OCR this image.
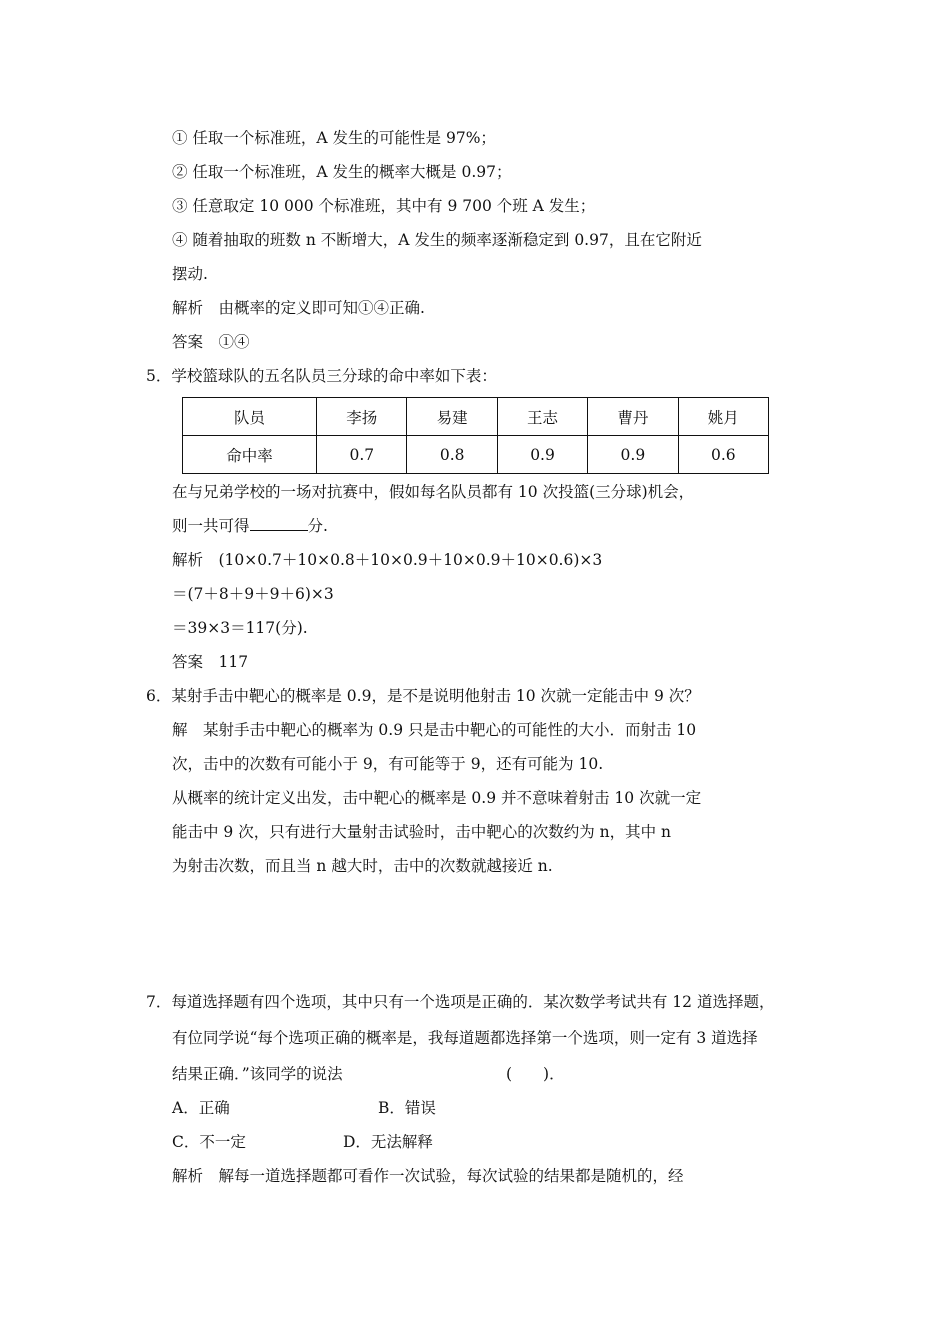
① 任取一个标准班，A 发生的可能性是 97%；
② 任取一个标准班，A 发生的概率大概是 0.97；
③ 任意取定 10 000 个标准班，其中有 9 700 个班 A 发生；
④ 随着抽取的班数 n 不断增大，A 发生的频率逐渐稳定到 0.97，且在它附近
摆动.
解析　由概率的定义即可知①④正确.
答案　①④
5．学校篮球队的五名队员三分球的命中率如下表：
队员	李扬	易建	王志	曹丹	姚月
命中率	0.7	0.8	0.9	0.9	0.6
在与兄弟学校的一场对抗赛中，假如每名队员都有 10 次投篮(三分球)机会，
则一共可得	分.
解析　(10×0.7＋10×0.8＋10×0.9＋10×0.9＋10×0.6)×3
＝(7＋8＋9＋9＋6)×3
＝39×3＝117(分).
答案　117
6．某射手击中靶心的概率是 0.9，是不是说明他射击 10 次就一定能击中 9 次？
解　某射手击中靶心的概率为 0.9 只是击中靶心的可能性的大小．而射击 10
次，击中的次数有可能小于 9，有可能等于 9，还有可能为 10.
从概率的统计定义出发，击中靶心的概率是 0.9 并不意味着射击 10 次就一定
能击中 9 次，只有进行大量射击试验时，击中靶心的次数约为 n，其中 n
为射击次数，而且当 n 越大时，击中的次数就越接近 n.
7．每道选择题有四个选项，其中只有一个选项是正确的．某次数学考试共有 12 道选择题，
有位同学说“每个选项正确的概率是，我每道题都选择第一个选项，则一定有 3 道选择
结果正确．”该同学的说法	(　　)．
A．正确	B．错误
C．不一定	D．无法解释
解析　解每一道选择题都可看作一次试验，每次试验的结果都是随机的，经
